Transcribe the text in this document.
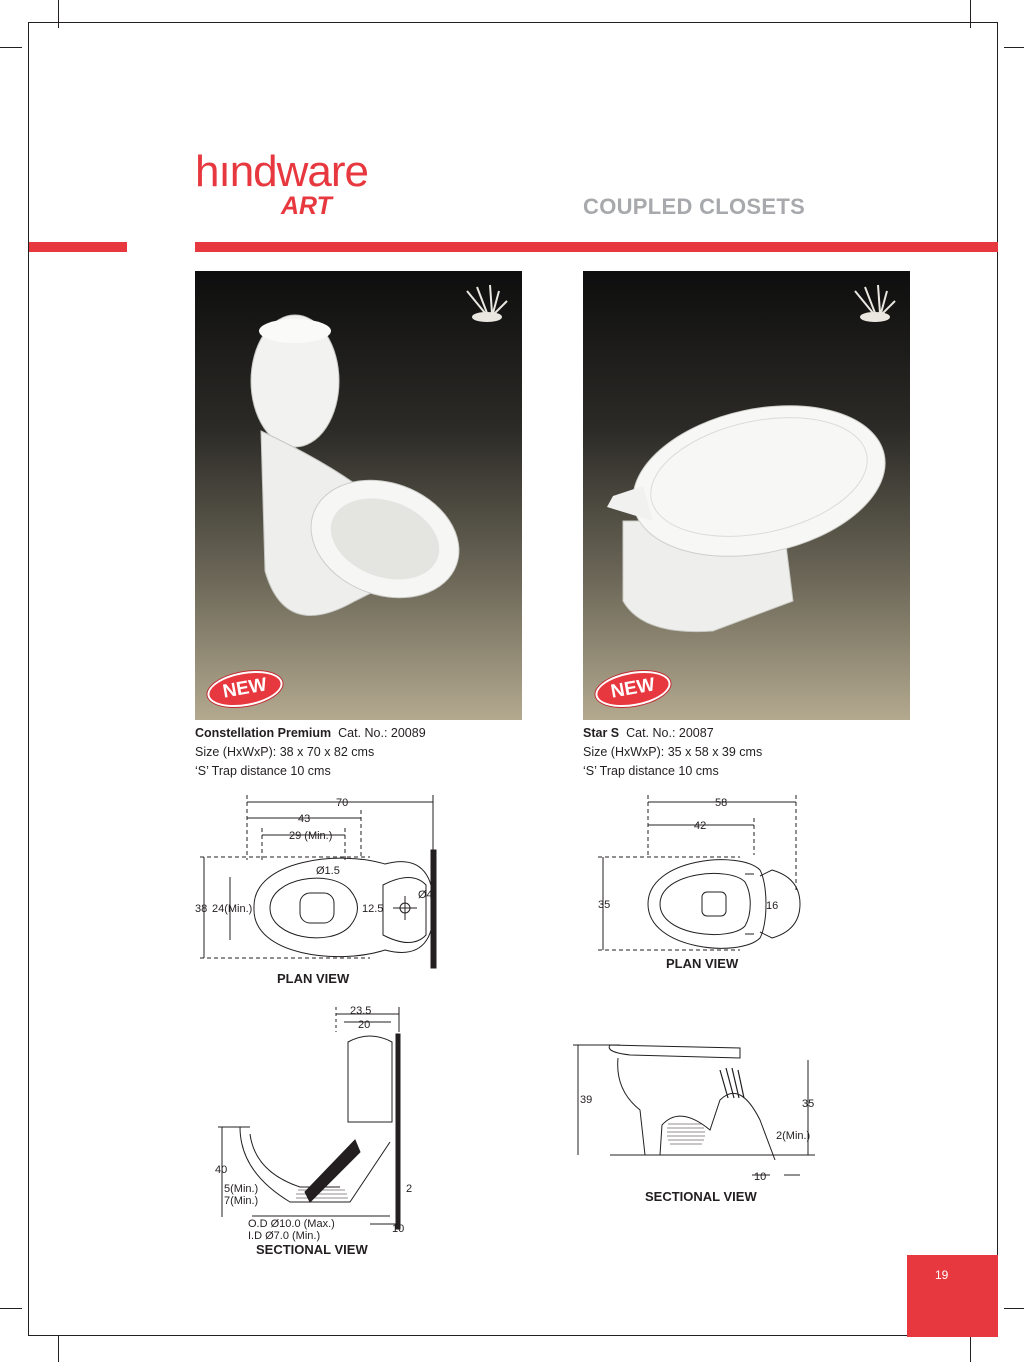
hındware
ART	COUPLED CLOSETS
NEW	NEW
Constellation Premium Cat. No.: 20089
Size (HxWxP): 38 x 70 x 82 cms
‘S’ Trap distance 10 cms
Star S Cat. No.: 20087
Size (HxWxP): 35 x 58 x 39 cms
‘S’ Trap distance 10 cms
70
43
29 (Min.)
Ø1.5
Ø4
38 24(Min.)	12.5
PLAN VIEW
58
42
35	16
PLAN VIEW
23.5
20
40
5(Min.)
7(Min.)
2
10
O.D Ø10.0 (Max.)
I.D Ø7.0 (Min.)
SECTIONAL VIEW
39	35
2(Min.)
10
SECTIONAL VIEW
19
